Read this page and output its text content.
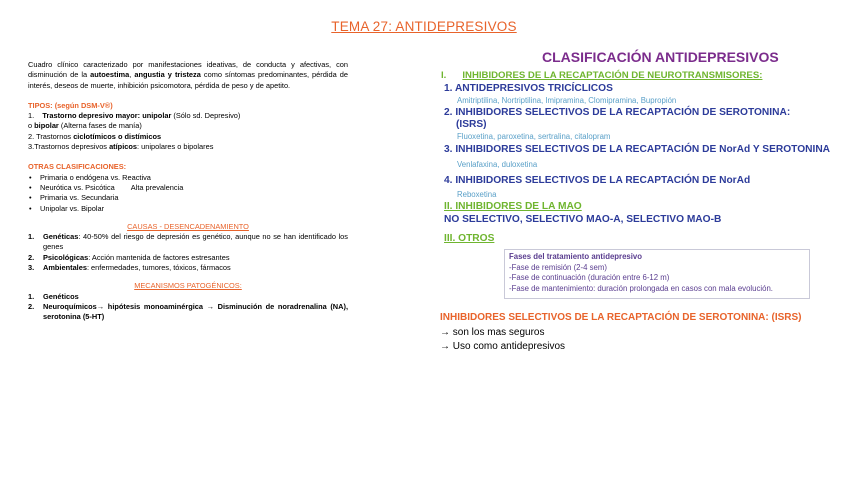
TEMA 27: ANTIDEPRESIVOS

Cuadro clínico caracterizado por manifestaciones ideativas, de conducta y afectivas, con disminución de la autoestima, angustia y tristeza como síntomas predominantes, pérdida de interés, deseos de muerte, inhibición psicomotora, pérdida de peso y de apetito.

TIPOS: (según DSM-V®)

1. Trastorno depresivo mayor: unipolar (Sólo sd. Depresivo)

o bipolar (Alterna fases de manía)

2. Trastornos ciclotímicos o distímicos

3.Trastornos depresivos atípicos: unipolares o bipolares

OTRAS CLASIFICACIONES:

• Primaria o endógena vs. Reactiva
• Neurótica vs. Psicótica Alta prevalencia
• Primaria vs. Secundaria
• Unipolar vs. Bipolar

CAUSAS - DESENCADENAMIENTO

1. Genéticas: 40-50% del riesgo de depresión es genético, aunque no se han identificado los genes
2. Psicológicas: Acción mantenida de factores estresantes
3. Ambientales: enfermedades, tumores, tóxicos, fármacos

MECANISMOS PATOGÉNICOS:

1. Genéticos
2. Neuroquímicos→ hipótesis monoaminérgica → Disminución de noradrenalina (NA), serotonina (5-HT)
CLASIFICACIÓN ANTIDEPRESIVOS
I. INHIBIDORES DE LA RECAPTACIÓN DE NEUROTRANSMISORES:
1. ANTIDEPRESIVOS TRICÍCLICOS
Amitriptilina, Nortriptilina, Imipramina, Clomipramina, Bupropión
2. INHIBIDORES SELECTIVOS DE LA RECAPTACIÓN DE SEROTONINA:
(ISRS)
Fluoxetina, paroxetina, sertralina, citalopram
3. INHIBIDORES SELECTIVOS DE LA RECAPTACIÓN DE NorAd Y SEROTONINA
Venlafaxina, duloxetina
4. INHIBIDORES SELECTIVOS DE LA RECAPTACIÓN DE NorAd
Reboxetina
II. INHIBIDORES DE LA MAO
NO SELECTIVO, SELECTIVO MAO-A, SELECTIVO MAO-B
III. OTROS
Fases del tratamiento antidepresivo
-Fase de remisión (2-4 sem)
-Fase de continuación (duración entre 6-12 m)
-Fase de mantenimiento: duración prolongada en casos con mala evolución.
INHIBIDORES SELECTIVOS DE LA RECAPTACIÓN DE SEROTONINA: (ISRS)
→ son los mas seguros
→ Uso como antidepresivos
